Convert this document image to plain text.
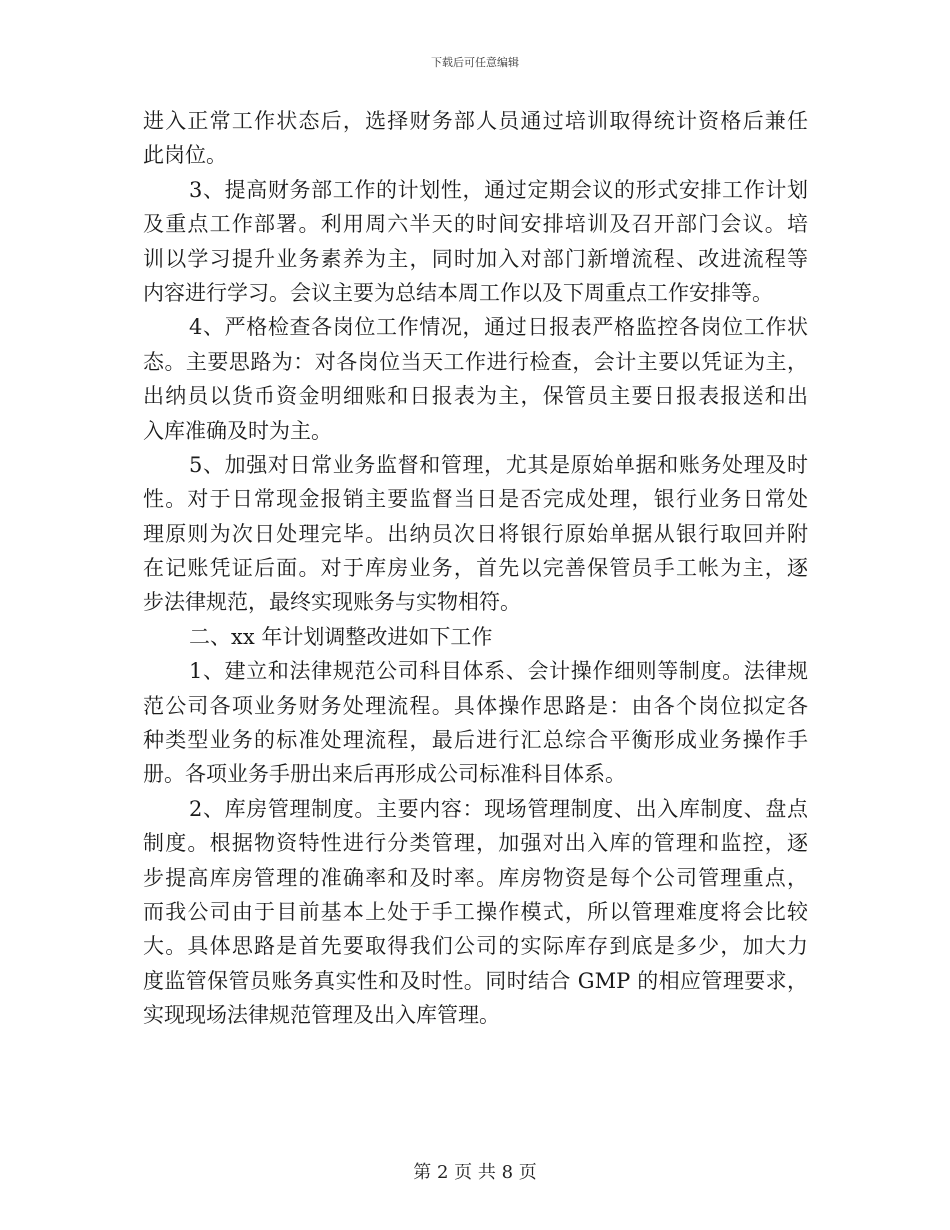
下载后可任意编辑
进入正常工作状态后，选择财务部人员通过培训取得统计资格后兼任
此岗位。
3、提高财务部工作的计划性，通过定期会议的形式安排工作计划
及重点工作部署。利用周六半天的时间安排培训及召开部门会议。培
训以学习提升业务素养为主，同时加入对部门新增流程、改进流程等
内容进行学习。会议主要为总结本周工作以及下周重点工作安排等。
4、严格检查各岗位工作情况，通过日报表严格监控各岗位工作状
态。主要思路为：对各岗位当天工作进行检查，会计主要以凭证为主，
出纳员以货币资金明细账和日报表为主，保管员主要日报表报送和出
入库准确及时为主。
5、加强对日常业务监督和管理，尤其是原始单据和账务处理及时
性。对于日常现金报销主要监督当日是否完成处理，银行业务日常处
理原则为次日处理完毕。出纳员次日将银行原始单据从银行取回并附
在记账凭证后面。对于库房业务，首先以完善保管员手工帐为主，逐
步法律规范，最终实现账务与实物相符。
二、xx 年计划调整改进如下工作
1、建立和法律规范公司科目体系、会计操作细则等制度。法律规
范公司各项业务财务处理流程。具体操作思路是：由各个岗位拟定各
种类型业务的标准处理流程，最后进行汇总综合平衡形成业务操作手
册。各项业务手册出来后再形成公司标准科目体系。
2、库房管理制度。主要内容：现场管理制度、出入库制度、盘点
制度。根据物资特性进行分类管理，加强对出入库的管理和监控，逐
步提高库房管理的准确率和及时率。库房物资是每个公司管理重点，
而我公司由于目前基本上处于手工操作模式，所以管理难度将会比较
大。具体思路是首先要取得我们公司的实际库存到底是多少，加大力
度监管保管员账务真实性和及时性。同时结合 GMP 的相应管理要求，
实现现场法律规范管理及出入库管理。
第 2 页 共 8 页
